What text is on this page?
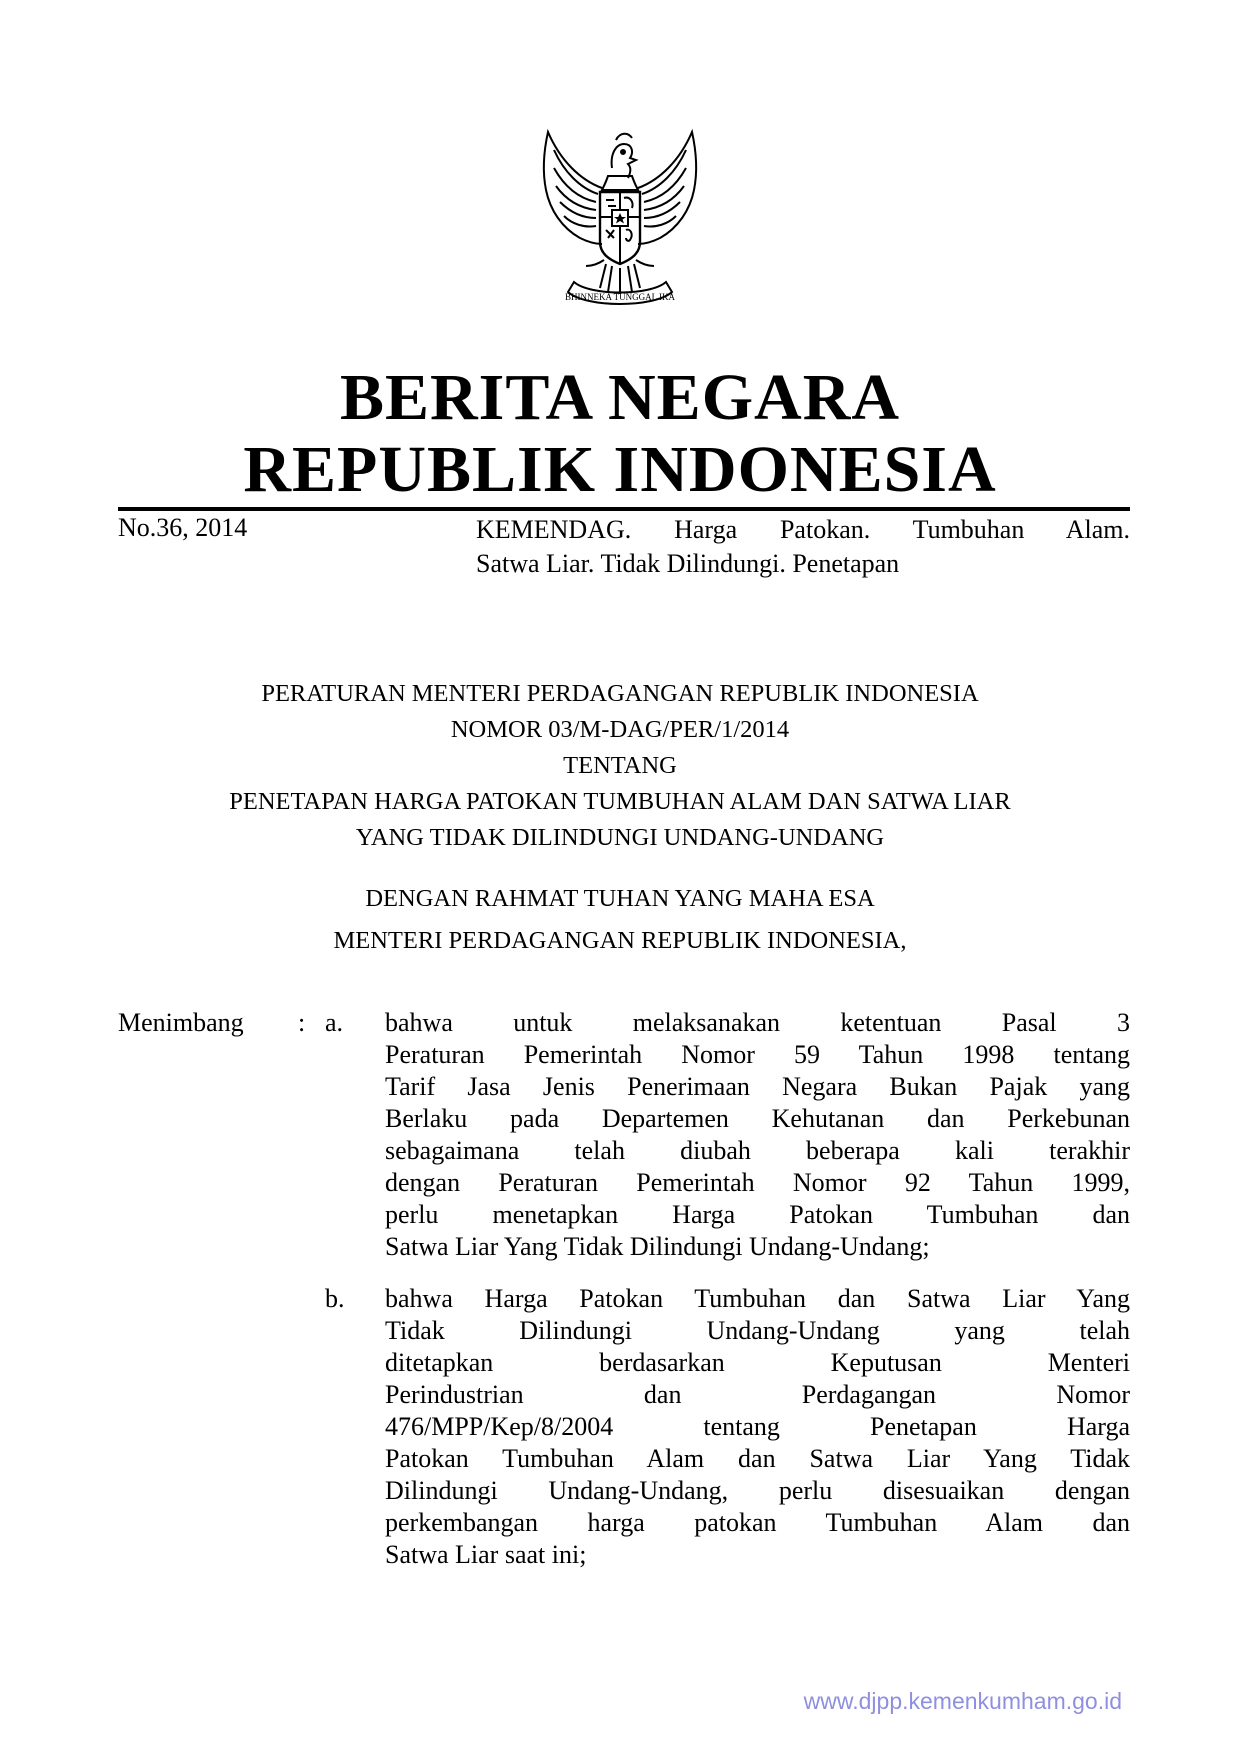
BHINNEKA TUNGGAL IKA
BERITA NEGARA
REPUBLIK INDONESIA
No.36, 2014	KEMENDAG. Harga Patokan. Tumbuhan Alam.
Satwa Liar. Tidak Dilindungi. Penetapan
PERATURAN MENTERI PERDAGANGAN REPUBLIK INDONESIA
NOMOR 03/M-DAG/PER/1/2014
TENTANG
PENETAPAN HARGA PATOKAN TUMBUHAN ALAM DAN SATWA LIAR
YANG TIDAK DILINDUNGI UNDANG-UNDANG
DENGAN RAHMAT TUHAN YANG MAHA ESA
MENTERI PERDAGANGAN REPUBLIK INDONESIA,
Menimbang : a. bahwa untuk melaksanakan ketentuan Pasal 3
Peraturan Pemerintah Nomor 59 Tahun 1998 tentang
Tarif Jasa Jenis Penerimaan Negara Bukan Pajak yang
Berlaku pada Departemen Kehutanan dan Perkebunan
sebagaimana telah diubah beberapa kali terakhir
dengan Peraturan Pemerintah Nomor 92 Tahun 1999,
perlu menetapkan Harga Patokan Tumbuhan dan
Satwa Liar Yang Tidak Dilindungi Undang-Undang;
b. bahwa Harga Patokan Tumbuhan dan Satwa Liar Yang
Tidak Dilindungi Undang-Undang yang telah
ditetapkan berdasarkan Keputusan Menteri
Perindustrian dan Perdagangan Nomor
476/MPP/Kep/8/2004 tentang Penetapan Harga
Patokan Tumbuhan Alam dan Satwa Liar Yang Tidak
Dilindungi Undang-Undang, perlu disesuaikan dengan
perkembangan harga patokan Tumbuhan Alam dan
Satwa Liar saat ini;
www.djpp.kemenkumham.go.id
